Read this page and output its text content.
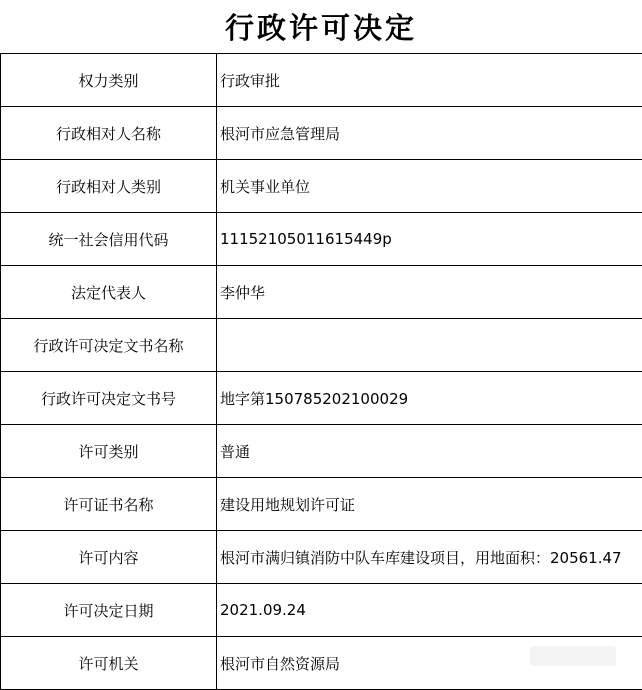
行政许可决定
权力类别	行政审批
行政相对人名称	根河市应急管理局
行政相对人类别	机关事业单位
统一社会信用代码	11152105011615449p
法定代表人	李仲华
行政许可决定文书名称	
行政许可决定文书号	地字第150785202100029
许可类别	普通
许可证书名称	建设用地规划许可证
许可内容	根河市满归镇消防中队车库建设项目，用地面积：20561.47
许可决定日期	2021.09.24
许可机关	根河市自然资源局
